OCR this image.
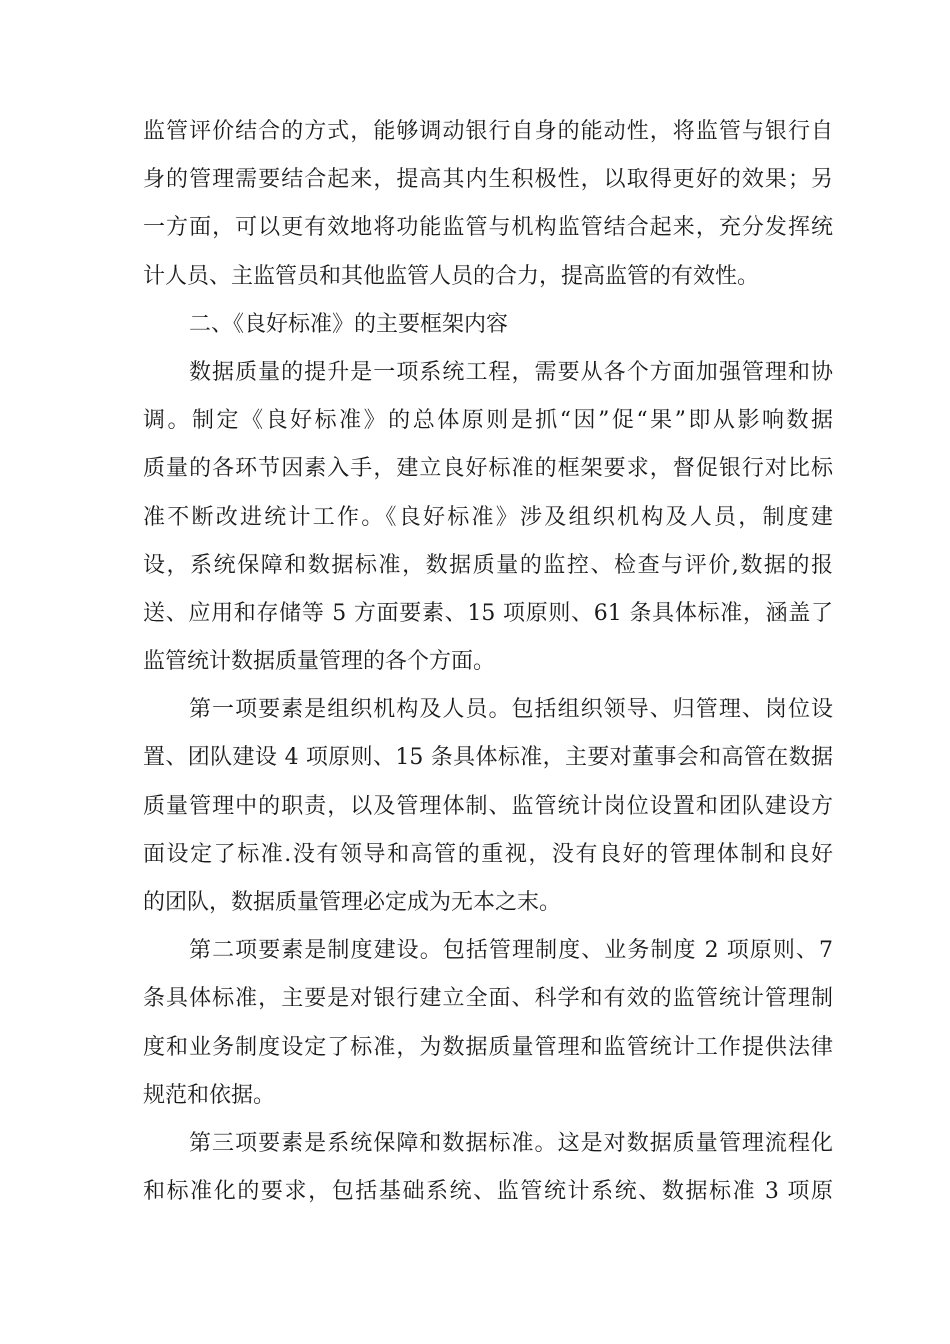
监管评价结合的方式，能够调动银行自身的能动性，将监管与银行自
身的管理需要结合起来，提高其内生积极性，以取得更好的效果；另
一方面，可以更有效地将功能监管与机构监管结合起来，充分发挥统
计人员、主监管员和其他监管人员的合力，提高监管的有效性。
二、《良好标准》的主要框架内容
数据质量的提升是一项系统工程，需要从各个方面加强管理和协
调。制定《良好标准》的总体原则是抓“因”促“果”即从影响数据
质量的各环节因素入手，建立良好标准的框架要求，督促银行对比标
准不断改进统计工作。《良好标准》涉及组织机构及人员，制度建
设，系统保障和数据标准，数据质量的监控、检查与评价,数据的报
送、应用和存储等 5 方面要素、15 项原则、61 条具体标准，涵盖了
监管统计数据质量管理的各个方面。
第一项要素是组织机构及人员。包括组织领导、归管理、岗位设
置、团队建设 4 项原则、15 条具体标准，主要对董事会和高管在数据
质量管理中的职责，以及管理体制、监管统计岗位设置和团队建设方
面设定了标准.没有领导和高管的重视，没有良好的管理体制和良好
的团队，数据质量管理必定成为无本之末。
第二项要素是制度建设。包括管理制度、业务制度 2 项原则、7
条具体标准，主要是对银行建立全面、科学和有效的监管统计管理制
度和业务制度设定了标准，为数据质量管理和监管统计工作提供法律
规范和依据。
第三项要素是系统保障和数据标准。这是对数据质量管理流程化
和标准化的要求，包括基础系统、监管统计系统、数据标准 3 项原
